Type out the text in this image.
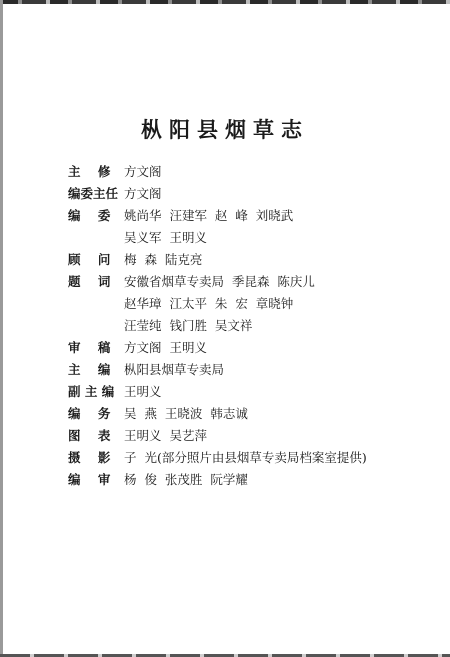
枞阳县烟草志
主    修	方文阁
编委主任 方文阁
编    委	姚尚华  汪建军  赵  峰  刘晓武
吴义军  王明义
顾    问	梅  森  陆克亮
题    词	安徽省烟草专卖局  季昆森  陈庆儿
赵华璋  江太平  朱  宏  章晓钟
汪莹纯  钱门胜  吴文祥
审    稿	方文阁  王明义
主    编	枞阳县烟草专卖局
副 主 编 王明义
编    务	吴  燕  王晓波  韩志诚
图    表	王明义  吴艺萍
摄    影	子  光(部分照片由县烟草专卖局档案室提供)
编    审	杨  俊  张茂胜  阮学耀
